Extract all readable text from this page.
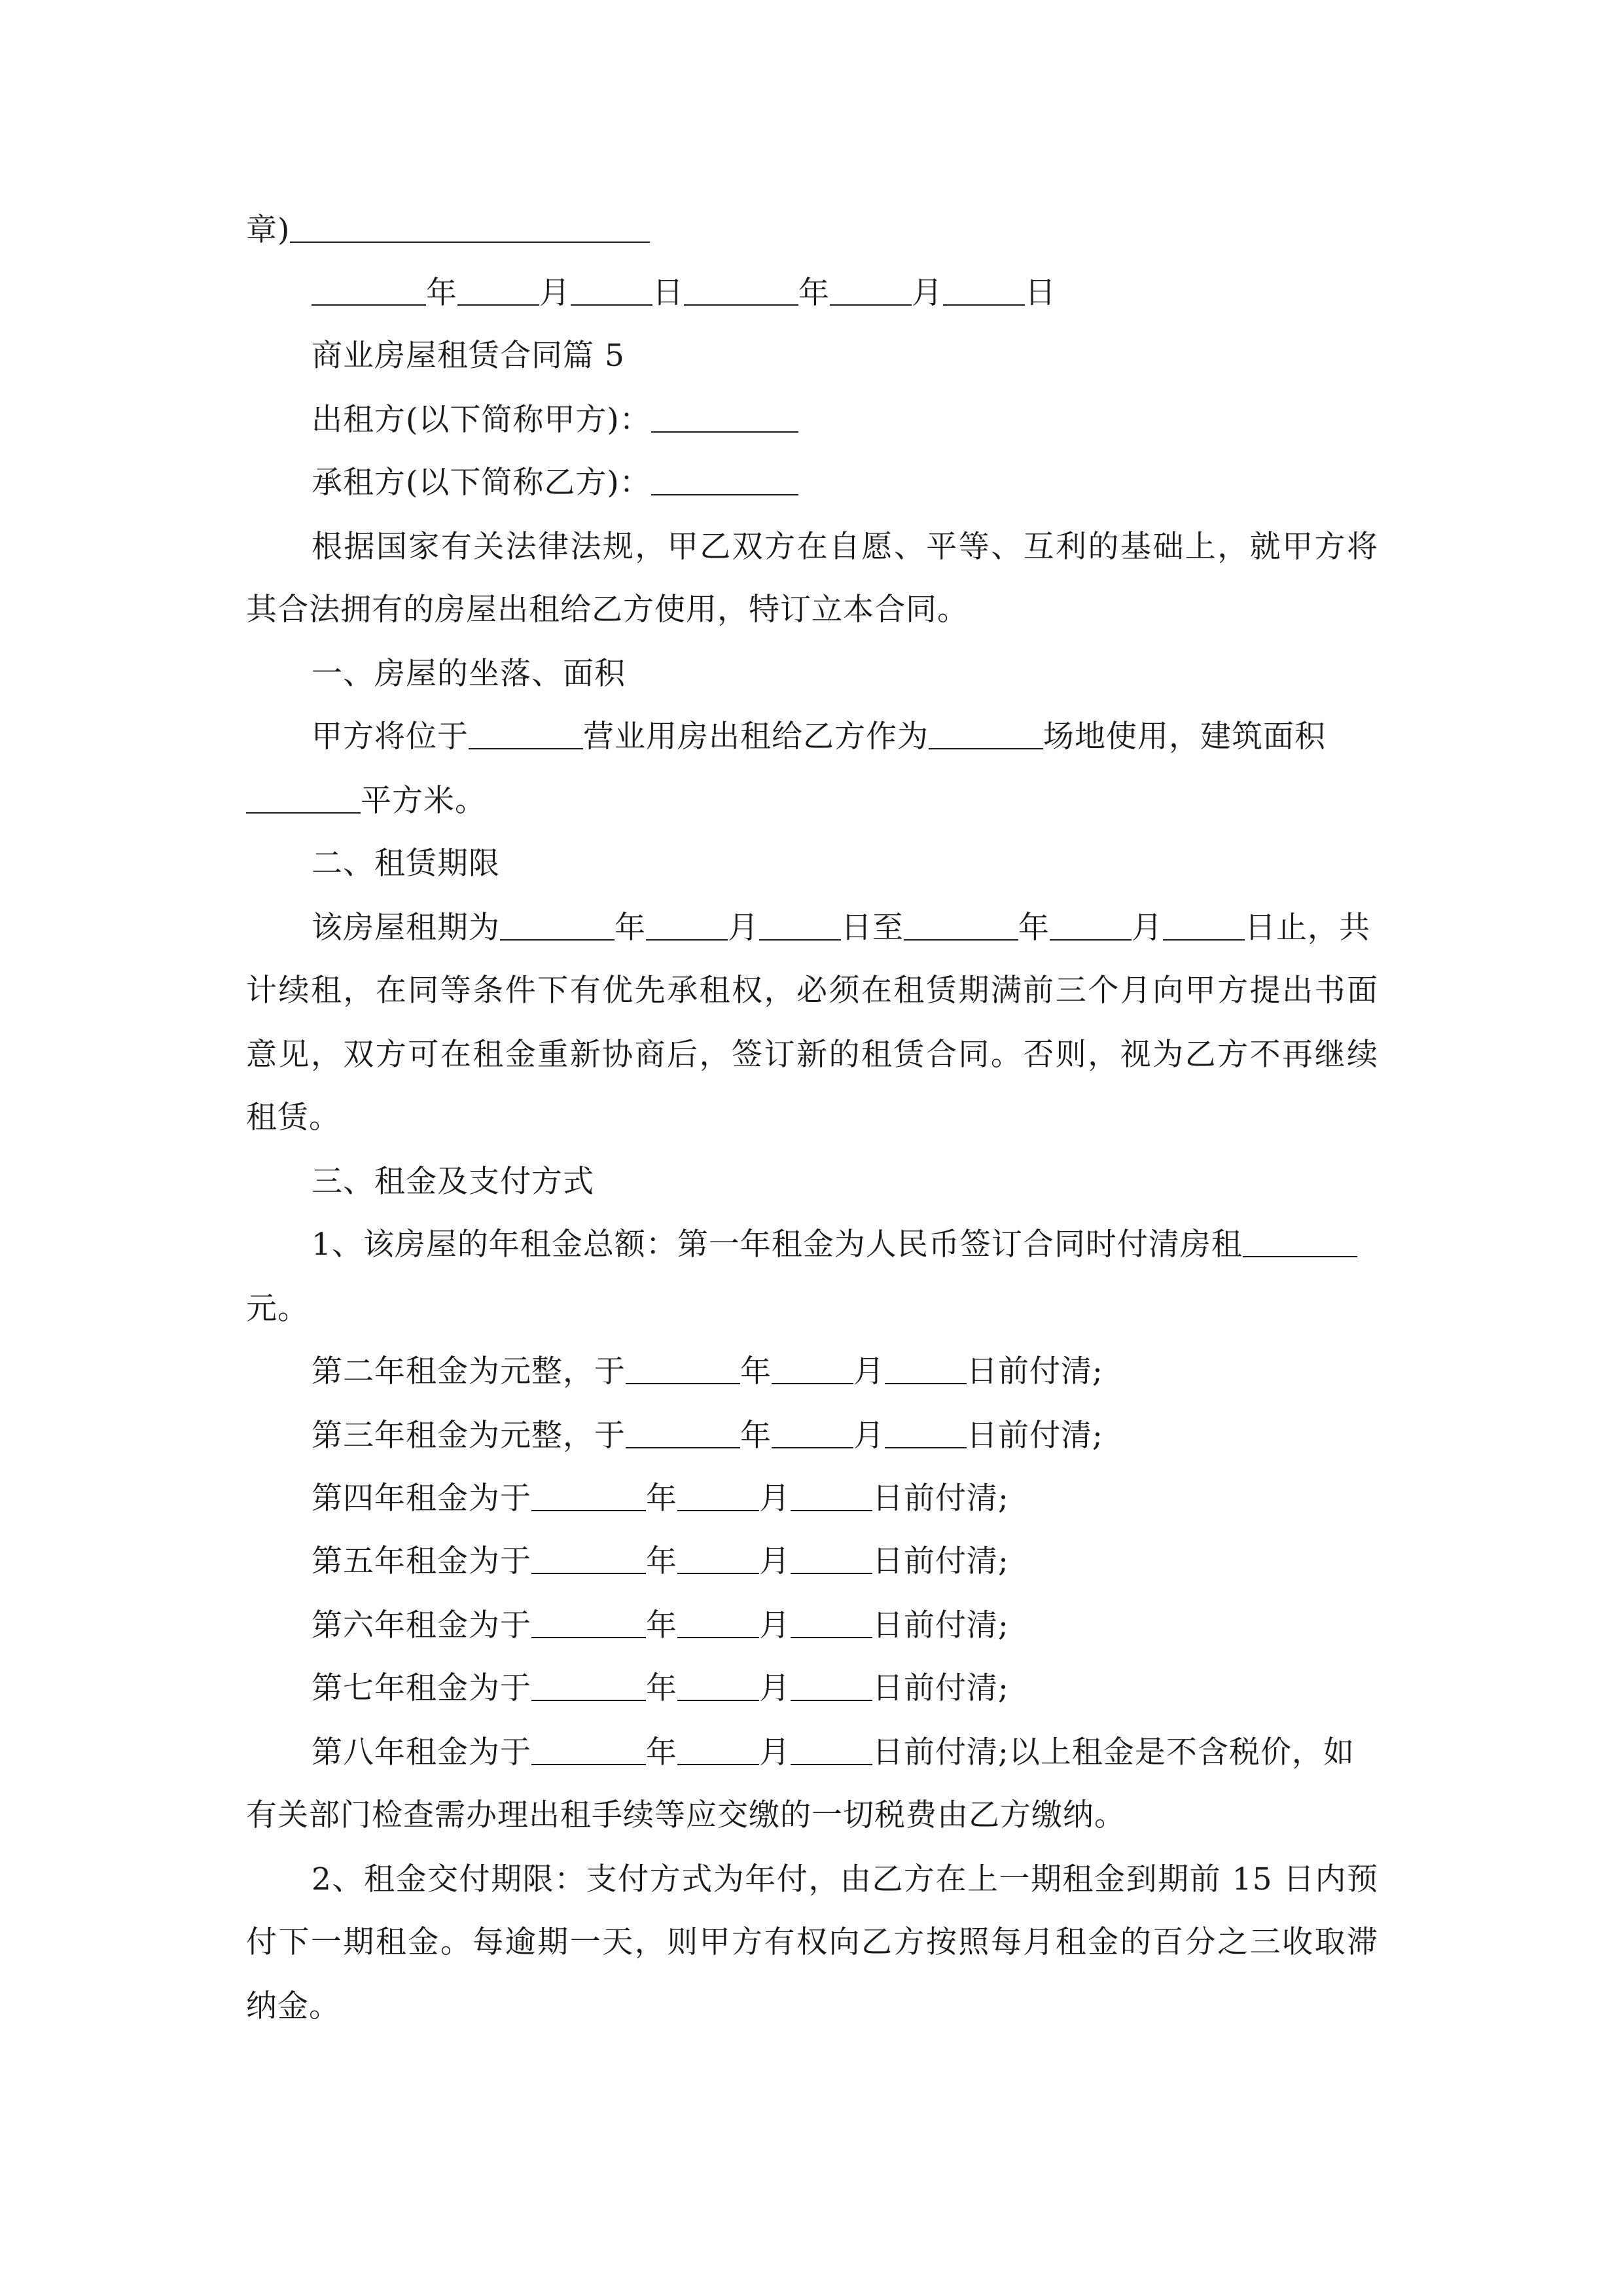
章)
年	月	日	年	月	日
商业房屋租赁合同篇 5
出租方(以下简称甲方)：
承租方(以下简称乙方)：
根据国家有关法律法规，甲乙双方在自愿、平等、互利的基础上，就甲方将
其合法拥有的房屋出租给乙方使用，特订立本合同。
一、房屋的坐落、面积
甲方将位于	营业用房出租给乙方作为	场地使用，建筑面积
平方米。
二、租赁期限
该房屋租期为	年	月	日至	年	月	日止，共
计续租，在同等条件下有优先承租权，必须在租赁期满前三个月向甲方提出书面
意见，双方可在租金重新协商后，签订新的租赁合同。否则，视为乙方不再继续
租赁。
三、租金及支付方式
1、该房屋的年租金总额：第一年租金为人民币签订合同时付清房租
元。
第二年租金为元整，于	年	月	日前付清;
第三年租金为元整，于	年	月	日前付清;
第四年租金为于	年	月	日前付清;
第五年租金为于	年	月	日前付清;
第六年租金为于	年	月	日前付清;
第七年租金为于	年	月	日前付清;
第八年租金为于	年	月	日前付清;以上租金是不含税价，如
有关部门检查需办理出租手续等应交缴的一切税费由乙方缴纳。
2、租金交付期限：支付方式为年付，由乙方在上一期租金到期前 15 日内预
付下一期租金。每逾期一天，则甲方有权向乙方按照每月租金的百分之三收取滞
纳金。
